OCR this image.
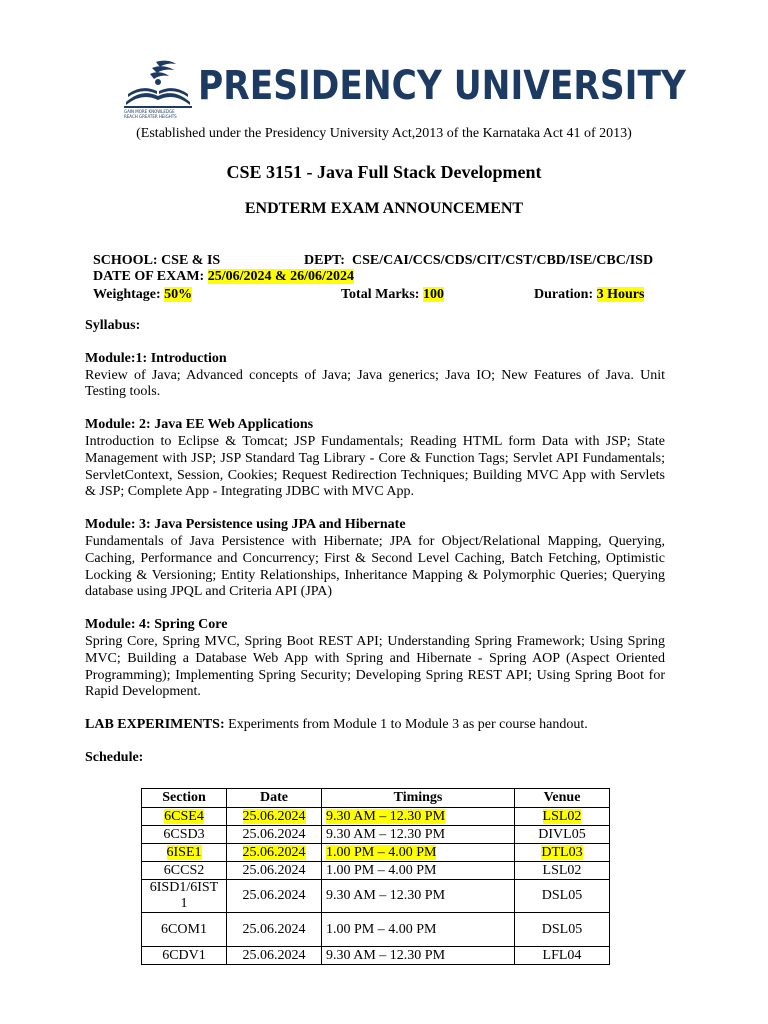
GAIN MORE KNOWLEDGE
REACH GREATER HEIGHTS
PRESIDENCY UNIVERSITY
(Established under the Presidency University Act,2013 of the Karnataka Act 41 of 2013)
CSE 3151 - Java Full Stack Development
ENDTERM EXAM ANNOUNCEMENT
SCHOOL: CSE & IS	DEPT: CSE/CAI/CCS/CDS/CIT/CST/CBD/ISE/CBC/ISD
DATE OF EXAM: 25/06/2024 & 26/06/2024
Weightage: 50%	Total Marks: 100	Duration: 3 Hours

Syllabus:

Module:1: Introduction

Review of Java; Advanced concepts of Java; Java generics; Java IO; New Features of Java. Unit Testing tools.

Module: 2: Java EE Web Applications

Introduction to Eclipse & Tomcat; JSP Fundamentals; Reading HTML form Data with JSP; State Management with JSP; JSP Standard Tag Library - Core & Function Tags; Servlet API Fundamentals; ServletContext, Session, Cookies; Request Redirection Techniques; Building MVC App with Servlets & JSP; Complete App - Integrating JDBC with MVC App.

Module: 3: Java Persistence using JPA and Hibernate

Fundamentals of Java Persistence with Hibernate; JPA for Object/Relational Mapping, Querying, Caching, Performance and Concurrency; First & Second Level Caching, Batch Fetching, Optimistic Locking & Versioning; Entity Relationships, Inheritance Mapping & Polymorphic Queries; Querying database using JPQL and Criteria API (JPA)

Module: 4: Spring Core

Spring Core, Spring MVC, Spring Boot REST API; Understanding Spring Framework; Using Spring MVC; Building a Database Web App with Spring and Hibernate - Spring AOP (Aspect Oriented Programming); Implementing Spring Security; Developing Spring REST API; Using Spring Boot for Rapid Development.

LAB EXPERIMENTS: Experiments from Module 1 to Module 3 as per course handout.

Schedule:

Section	Date	Timings	Venue
6CSE4	25.06.2024	9.30 AM – 12.30 PM	LSL02
6CSD3	25.06.2024	9.30 AM – 12.30 PM	DIVL05
6ISE1	25.06.2024	1.00 PM – 4.00 PM	DTL03
6CCS2	25.06.2024	1.00 PM – 4.00 PM	LSL02
6ISD1/6IST 1	25.06.2024	9.30 AM – 12.30 PM	DSL05
6COM1	25.06.2024	1.00 PM – 4.00 PM	DSL05
6CDV1	25.06.2024	9.30 AM – 12.30 PM	LFL04
